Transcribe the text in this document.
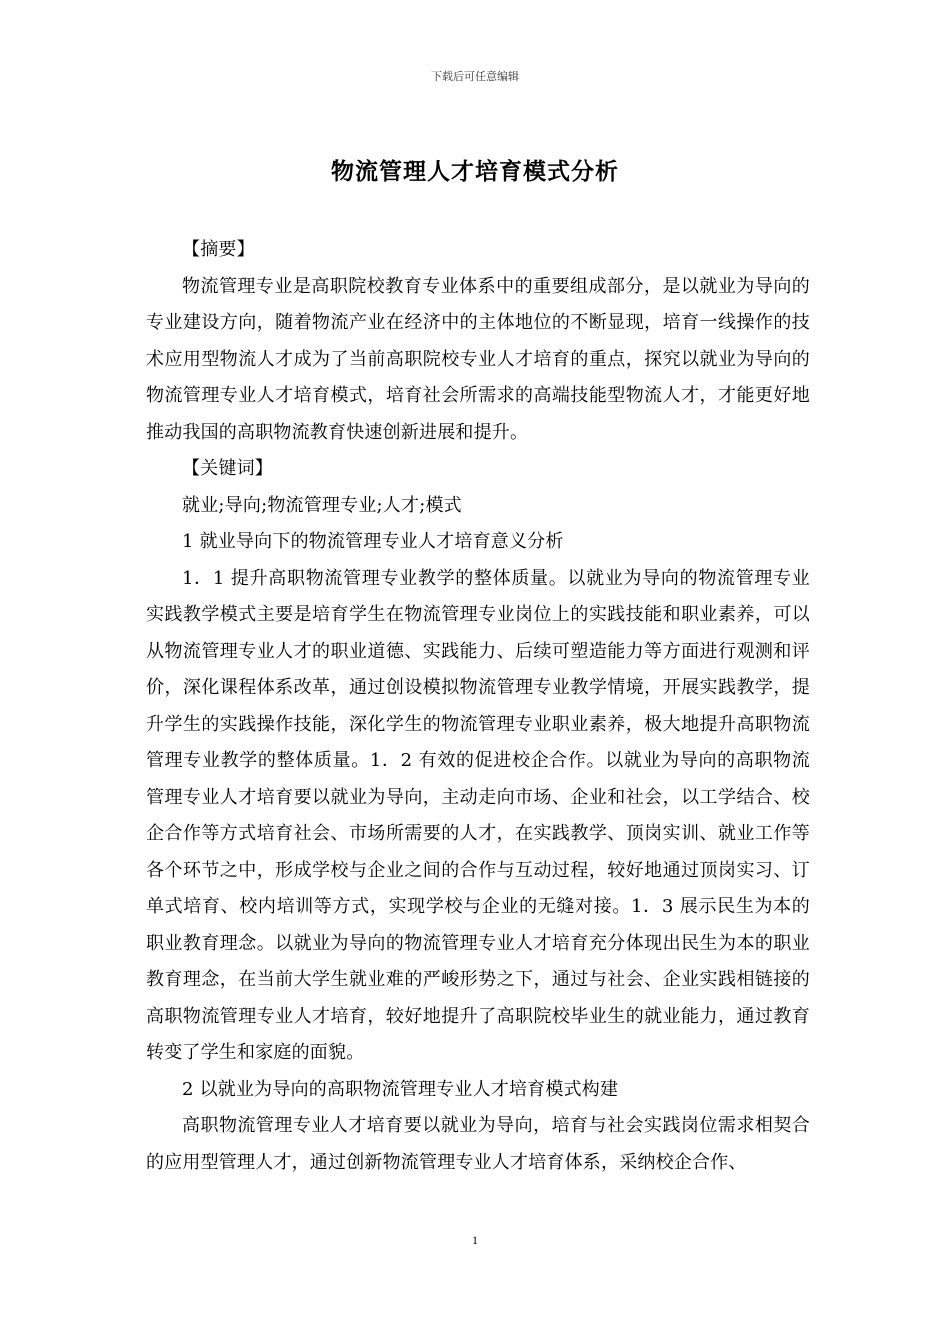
下载后可任意编辑
物流管理人才培育模式分析

【摘要】

物流管理专业是高职院校教育专业体系中的重要组成部分，是以就业为导向的专业建设方向，随着物流产业在经济中的主体地位的不断显现，培育一线操作的技术应用型物流人才成为了当前高职院校专业人才培育的重点，探究以就业为导向的物流管理专业人才培育模式，培育社会所需求的高端技能型物流人才，才能更好地推动我国的高职物流教育快速创新进展和提升。

【关键词】

就业;导向;物流管理专业;人才;模式

1 就业导向下的物流管理专业人才培育意义分析

1．1 提升高职物流管理专业教学的整体质量。以就业为导向的物流管理专业实践教学模式主要是培育学生在物流管理专业岗位上的实践技能和职业素养，可以从物流管理专业人才的职业道德、实践能力、后续可塑造能力等方面进行观测和评价，深化课程体系改革，通过创设模拟物流管理专业教学情境，开展实践教学，提升学生的实践操作技能，深化学生的物流管理专业职业素养，极大地提升高职物流管理专业教学的整体质量。1．2 有效的促进校企合作。以就业为导向的高职物流管理专业人才培育要以就业为导向，主动走向市场、企业和社会，以工学结合、校企合作等方式培育社会、市场所需要的人才，在实践教学、顶岗实训、就业工作等各个环节之中，形成学校与企业之间的合作与互动过程，较好地通过顶岗实习、订单式培育、校内培训等方式，实现学校与企业的无缝对接。1．3 展示民生为本的职业教育理念。以就业为导向的物流管理专业人才培育充分体现出民生为本的职业教育理念，在当前大学生就业难的严峻形势之下，通过与社会、企业实践相链接的高职物流管理专业人才培育，较好地提升了高职院校毕业生的就业能力，通过教育转变了学生和家庭的面貌。

2 以就业为导向的高职物流管理专业人才培育模式构建

高职物流管理专业人才培育要以就业为导向，培育与社会实践岗位需求相契合的应用型管理人才，通过创新物流管理专业人才培育体系，采纳校企合作、

1
